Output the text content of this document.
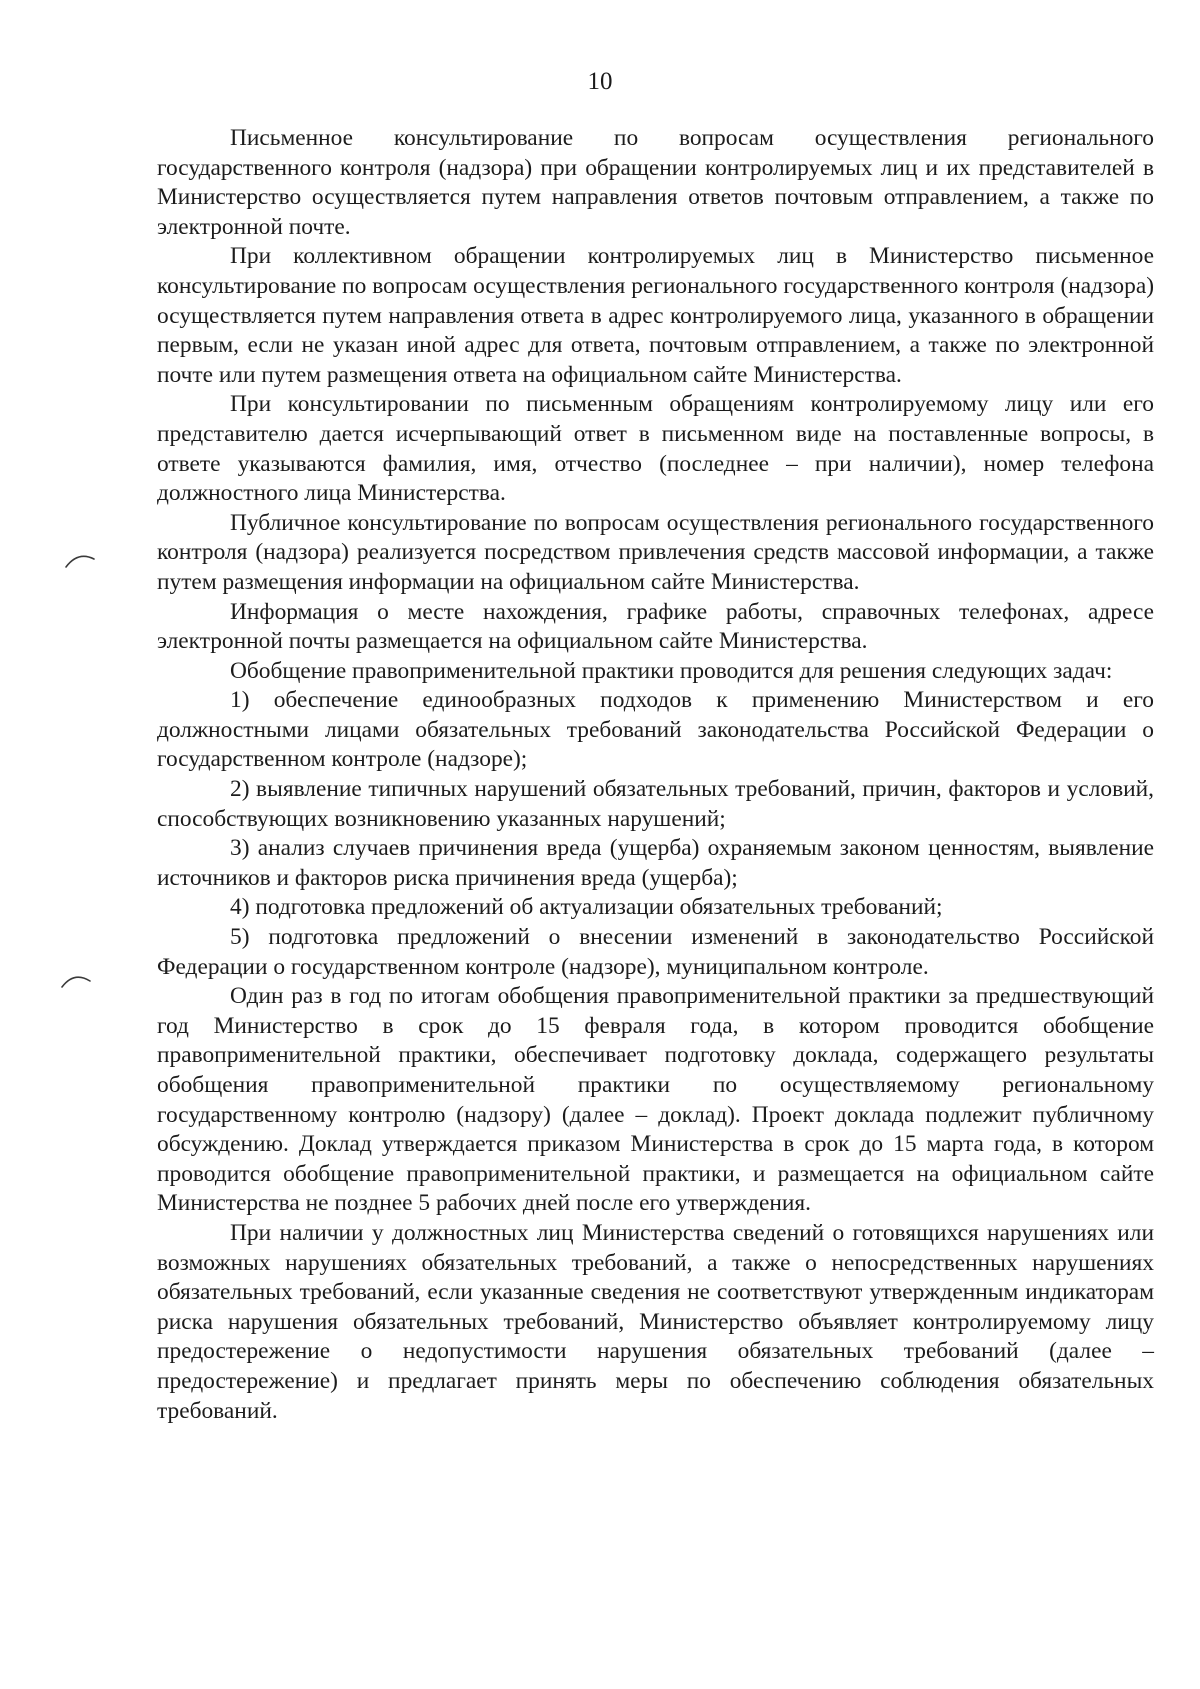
10

Письменное консультирование по вопросам осуществления регионального государственного контроля (надзора) при обращении контролируемых лиц и их представителей в Министерство осуществляется путем направления ответов почтовым отправлением, а также по электронной почте.

При коллективном обращении контролируемых лиц в Министерство письменное консультирование по вопросам осуществления регионального государственного контроля (надзора) осуществляется путем направления ответа в адрес контролируемого лица, указанного в обращении первым, если не указан иной адрес для ответа, почтовым отправлением, а также по электронной почте или путем размещения ответа на официальном сайте Министерства.

При консультировании по письменным обращениям контролируемому лицу или его представителю дается исчерпывающий ответ в письменном виде на поставленные вопросы, в ответе указываются фамилия, имя, отчество (последнее – при наличии), номер телефона должностного лица Министерства.

Публичное консультирование по вопросам осуществления регионального государственного контроля (надзора) реализуется посредством привлечения средств массовой информации, а также путем размещения информации на официальном сайте Министерства.

Информация о месте нахождения, графике работы, справочных телефонах, адресе электронной почты размещается на официальном сайте Министерства.

Обобщение правоприменительной практики проводится для решения следующих задач:

1) обеспечение единообразных подходов к применению Министерством и его должностными лицами обязательных требований законодательства Российской Федерации о государственном контроле (надзоре);

2) выявление типичных нарушений обязательных требований, причин, факторов и условий, способствующих возникновению указанных нарушений;

3) анализ случаев причинения вреда (ущерба) охраняемым законом ценностям, выявление источников и факторов риска причинения вреда (ущерба);

4) подготовка предложений об актуализации обязательных требований;

5) подготовка предложений о внесении изменений в законодательство Российской Федерации о государственном контроле (надзоре), муниципальном контроле.

Один раз в год по итогам обобщения правоприменительной практики за предшествующий год Министерство в срок до 15 февраля года, в котором проводится обобщение правоприменительной практики, обеспечивает подготовку доклада, содержащего результаты обобщения правоприменительной практики по осуществляемому региональному государственному контролю (надзору) (далее – доклад). Проект доклада подлежит публичному обсуждению. Доклад утверждается приказом Министерства в срок до 15 марта года, в котором проводится обобщение правоприменительной практики, и размещается на официальном сайте Министерства не позднее 5 рабочих дней после его утверждения.

При наличии у должностных лиц Министерства сведений о готовящихся нарушениях или возможных нарушениях обязательных требований, а также о непосредственных нарушениях обязательных требований, если указанные сведения не соответствуют утвержденным индикаторам риска нарушения обязательных требований, Министерство объявляет контролируемому лицу предостережение о недопустимости нарушения обязательных требований (далее – предостережение) и предлагает принять меры по обеспечению соблюдения обязательных требований.
